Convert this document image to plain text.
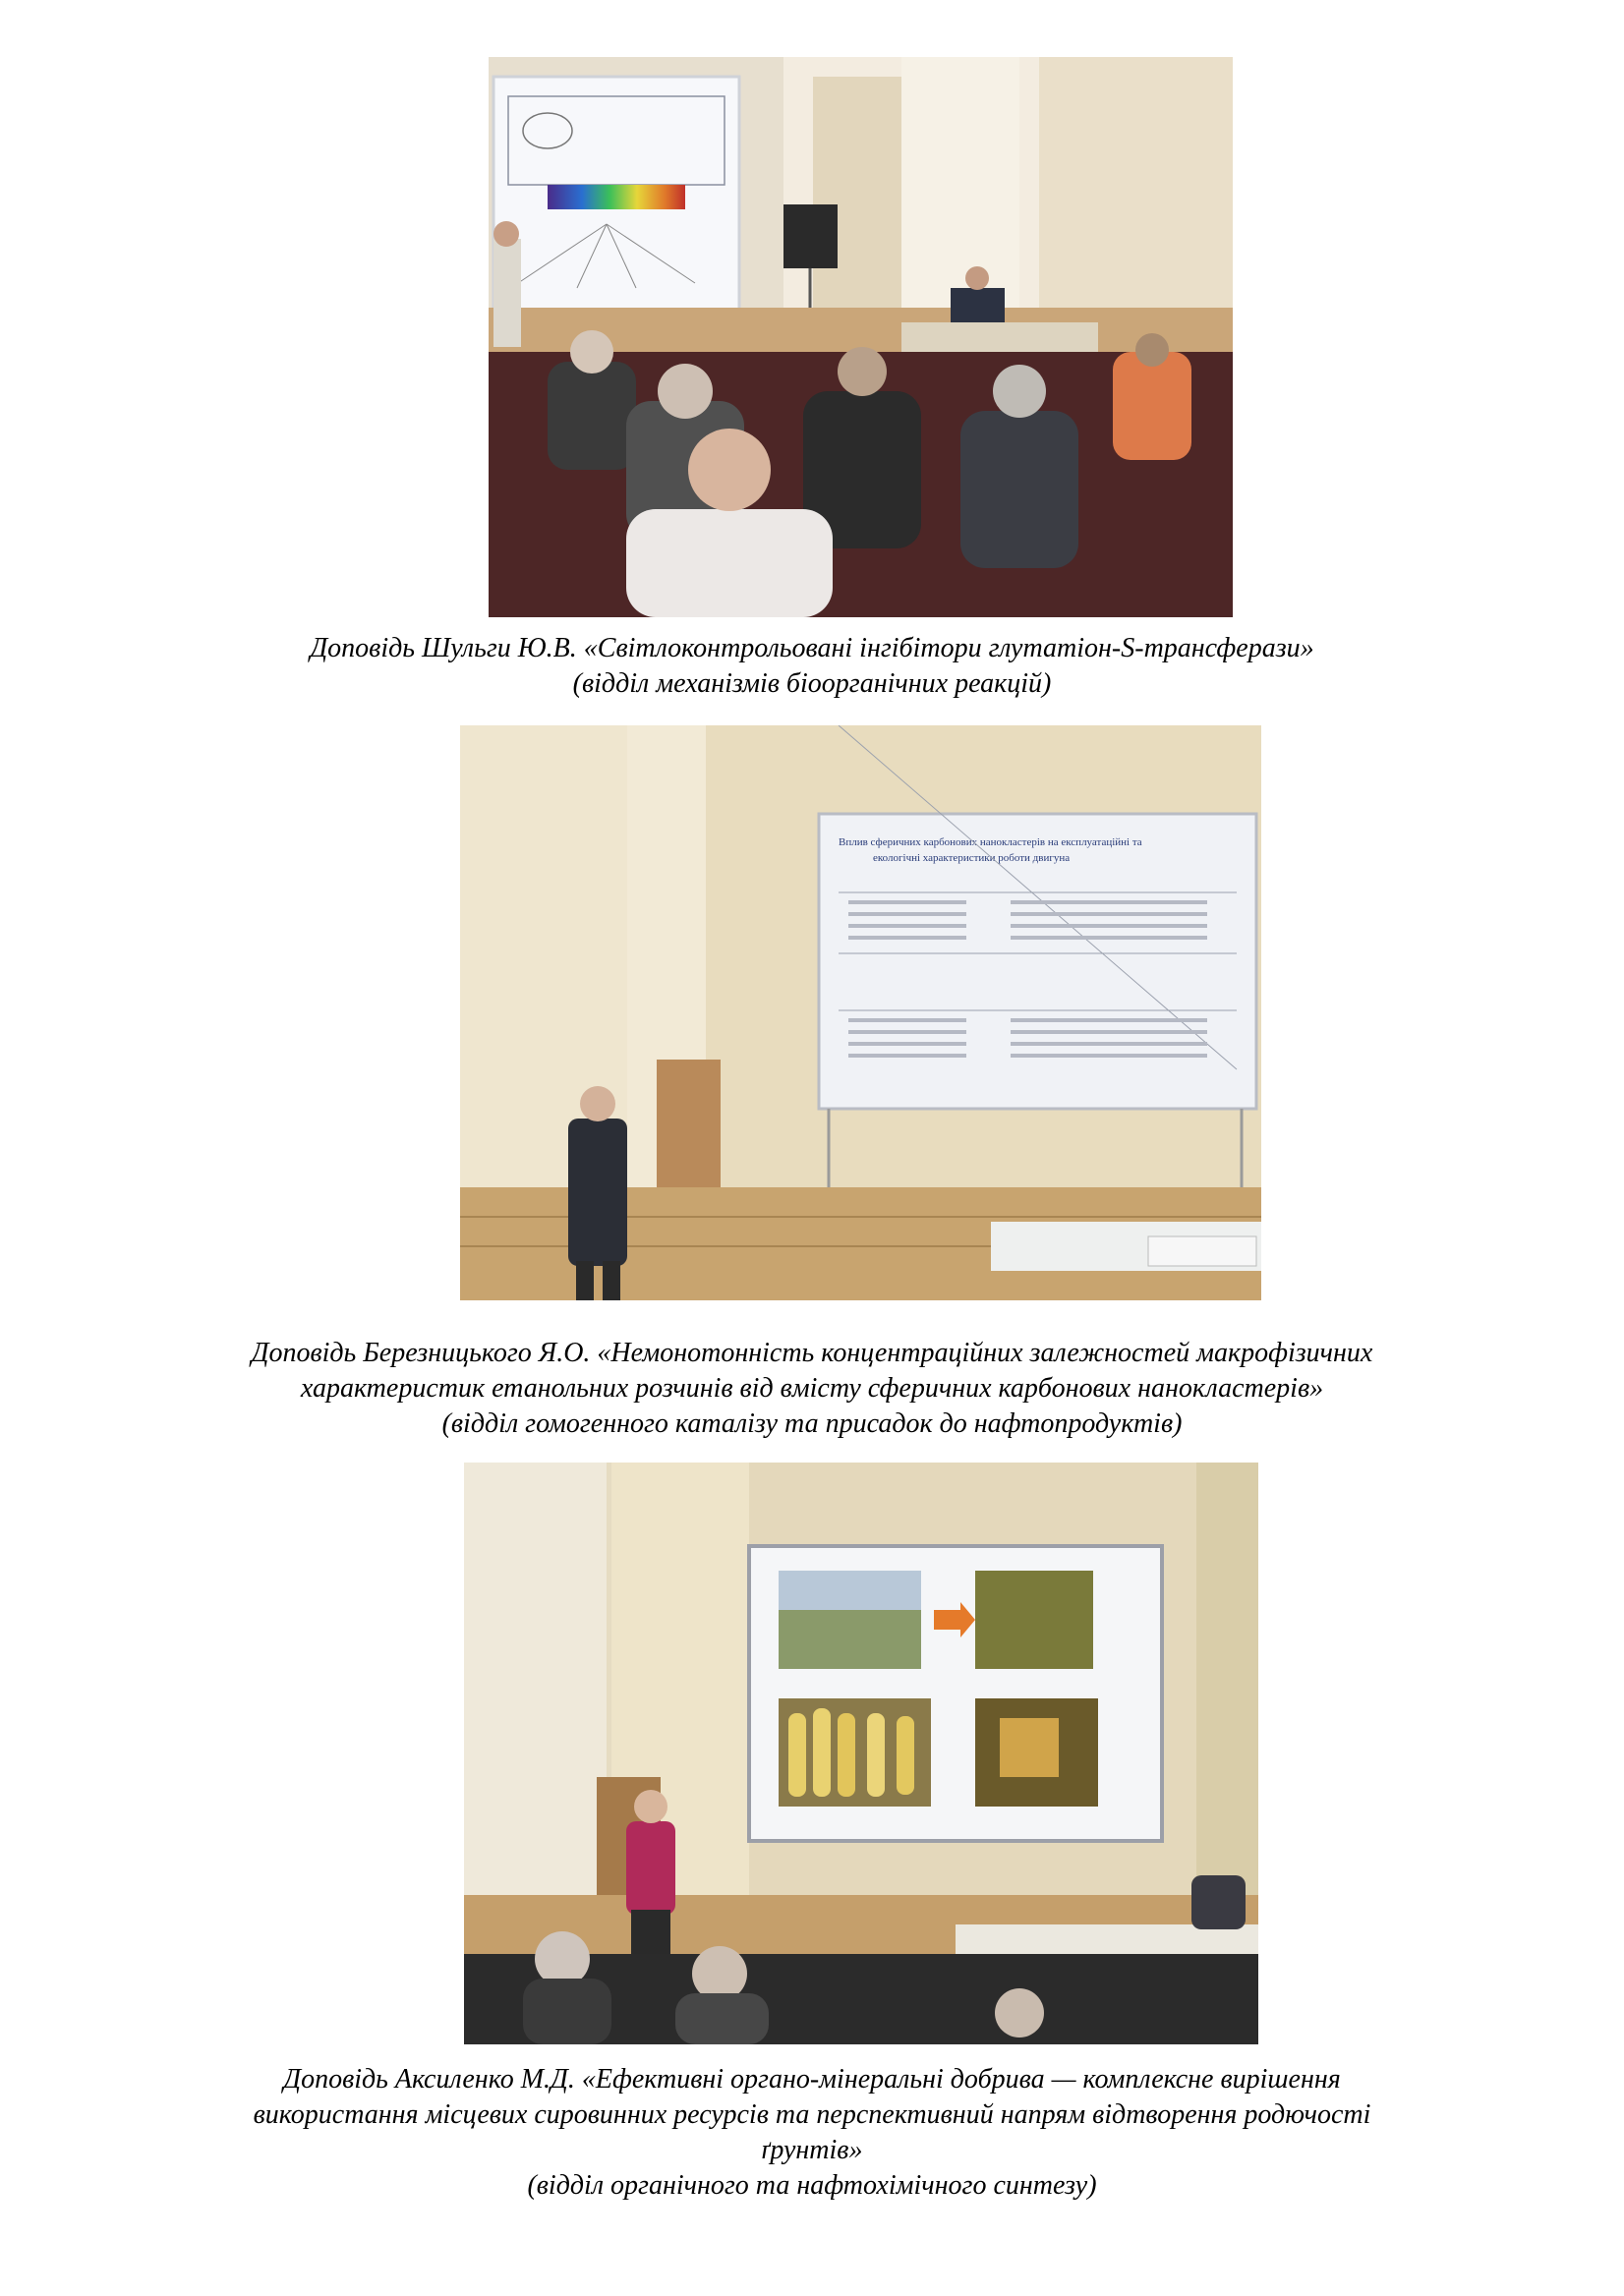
Доповідь Шульги Ю.В. «Світлоконтрольовані інгібітори глутатіон-S-трансферази»
(відділ механізмів біоорганічних реакцій)
Вплив сферичних карбонових нанокластерів на експлуатаційні та
екологічні характеристики роботи двигуна
Доповідь Березницького Я.О. «Немонотонність концентраційних залежностей макрофізичних
характеристик етанольних розчинів від вмісту сферичних карбонових нанокластерів»
(відділ гомогенного каталізу та присадок до нафтопродуктів)
Доповідь Аксиленко М.Д. «Ефективні органо-мінеральні добрива — комплексне вирішення
використання місцевих сировинних ресурсів та перспективний напрям відтворення родючості
ґрунтів»
(відділ органічного та нафтохімічного синтезу)
